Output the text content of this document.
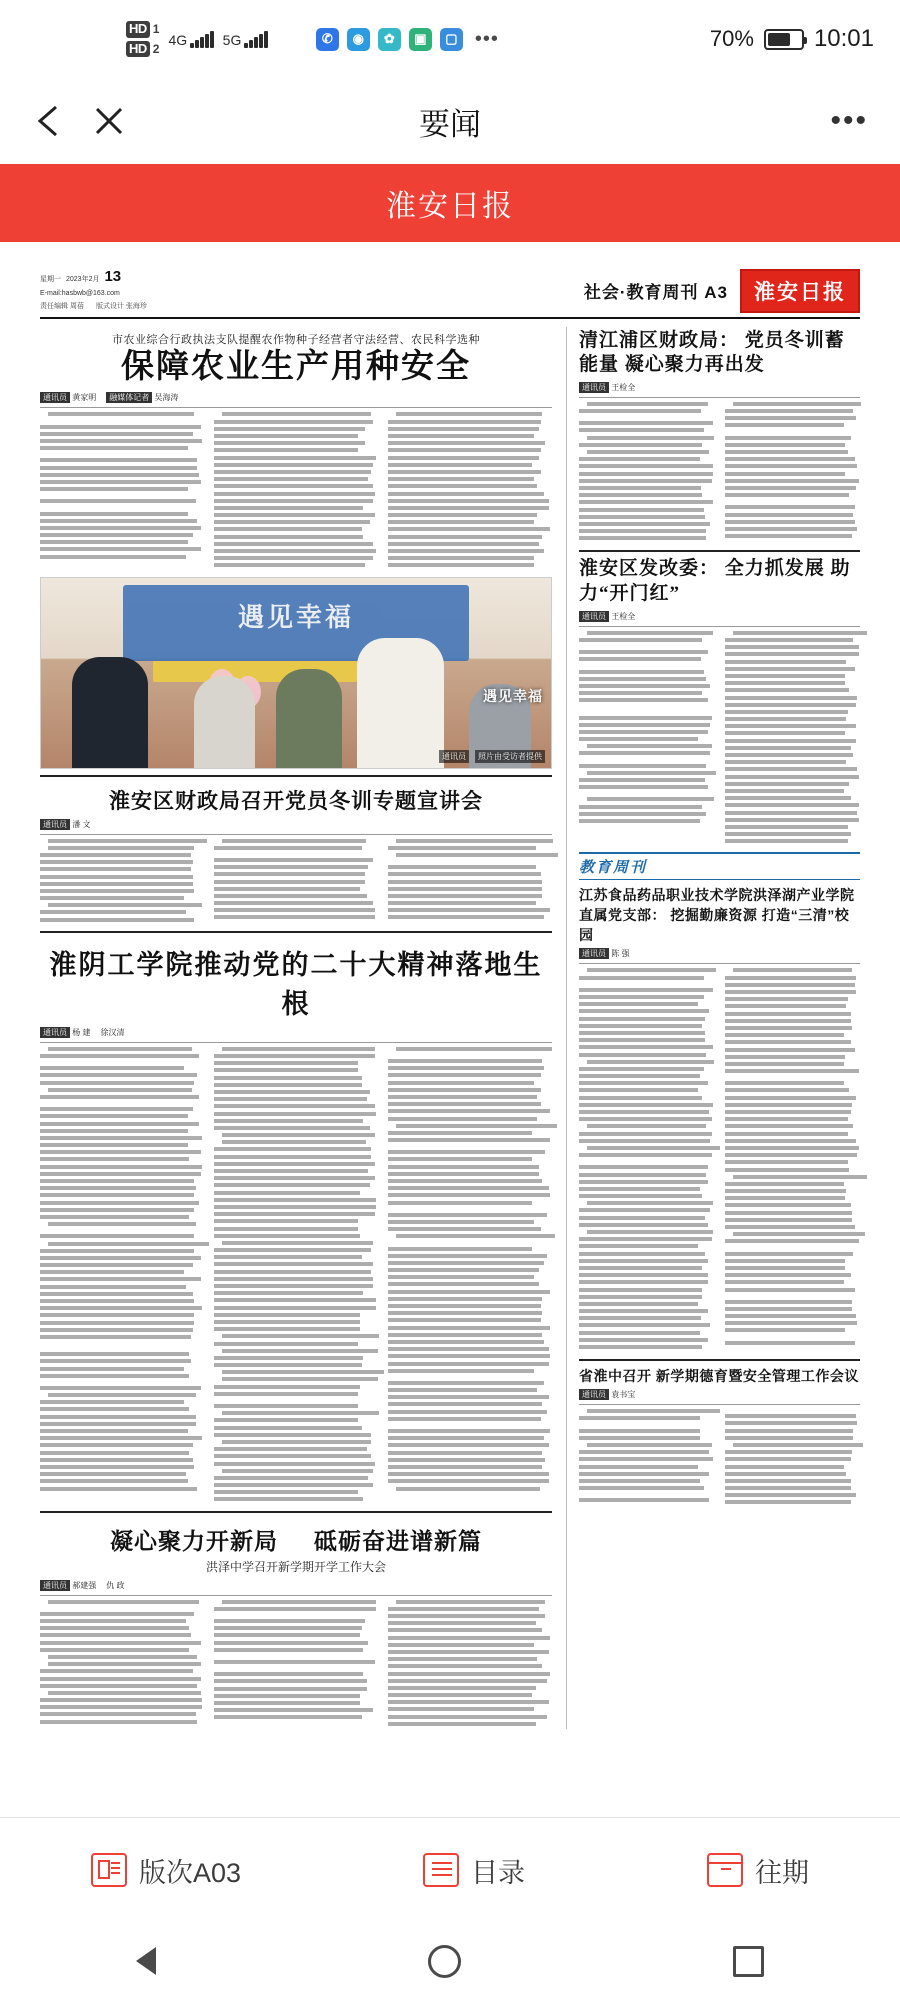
HD 1
HD 2
4G	5G	M	✆	◉	✿	▣	▢ •••	70%	10:01
要闻	•••
淮安日报
星期一 2023年2月 13
E-mail:hasbwb@163.com
责任编辑 周蓓 版式设计 张海珍
社会·教育周刊 A3	淮安日报
市农业综合行政执法支队提醒农作物种子经营者守法经营、农民科学选种
保障农业生产用种安全
通讯员 黄家明	融媒体记者 吴海涛
遇见幸福
遇见幸福
通讯员	照片由受访者提供
淮安区财政局召开党员冬训专题宣讲会
通讯员 潘 文
淮阴工学院推动党的二十大精神落地生根
通讯员 杨 建 徐汉清
凝心聚力开新局 砥砺奋进谱新篇
洪泽中学召开新学期开学工作大会
通讯员 郝建强 仇 政
清江浦区财政局： 党员冬训蓄能量 凝心聚力再出发
通讯员 王检全
淮安区发改委： 全力抓发展 助力“开门红”
通讯员 王检全
教育周刊
江苏食品药品职业技术学院洪泽湖产业学院直属党支部： 挖掘勤廉资源 打造“三清”校园
通讯员 陈 强
省淮中召开 新学期德育暨安全管理工作会议
通讯员 袁书宝
版次A03	目录	往期
